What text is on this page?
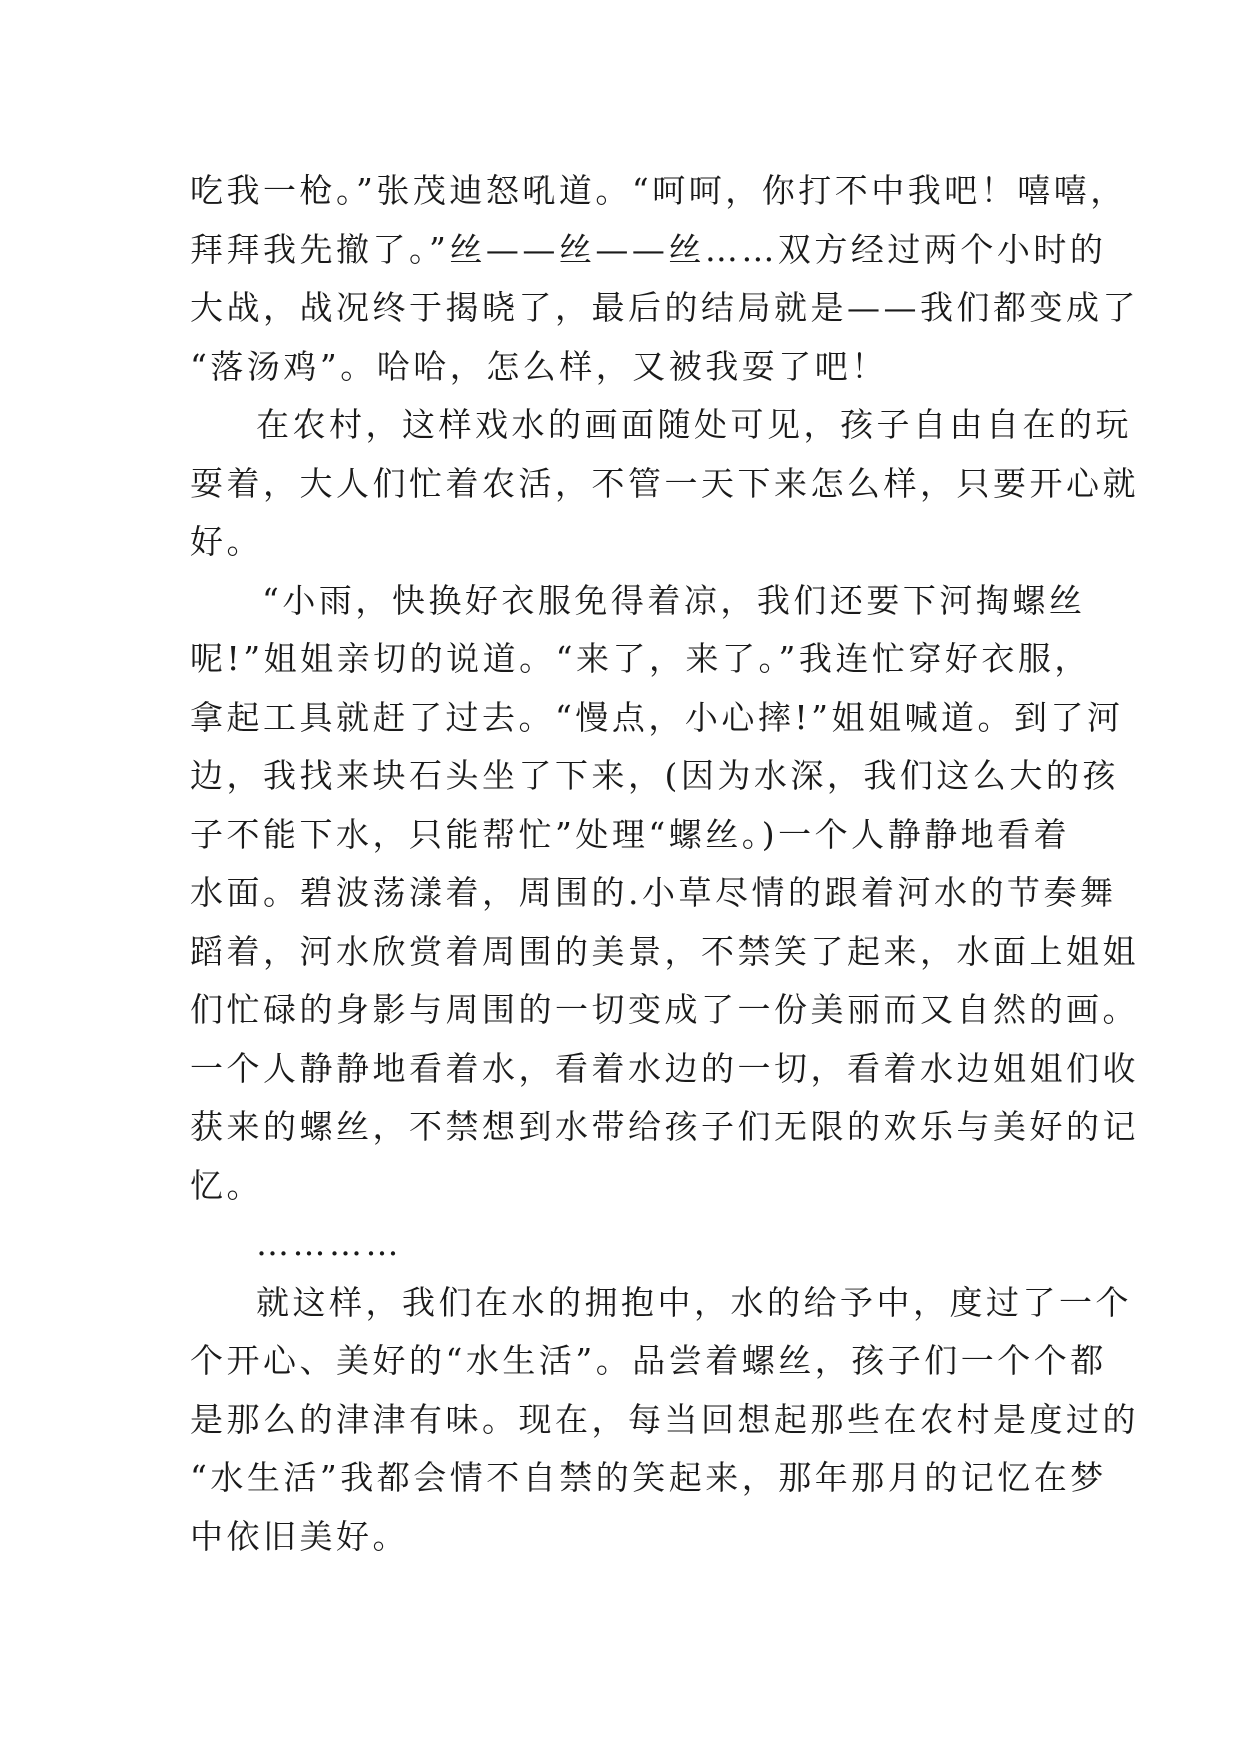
吃我一枪。”张茂迪怒吼道。“呵呵，你打不中我吧！嘻嘻，
拜拜我先撤了。”丝——丝——丝……双方经过两个小时的
大战，战况终于揭晓了，最后的结局就是——我们都变成了
“落汤鸡”。哈哈，怎么样，又被我耍了吧！
在农村，这样戏水的画面随处可见，孩子自由自在的玩
耍着，大人们忙着农活，不管一天下来怎么样，只要开心就
好。
“小雨，快换好衣服免得着凉，我们还要下河掏螺丝
呢!”姐姐亲切的说道。“来了，来了。”我连忙穿好衣服，
拿起工具就赶了过去。“慢点，小心摔!”姐姐喊道。到了河
边，我找来块石头坐了下来，(因为水深，我们这么大的孩
子不能下水，只能帮忙”处理“螺丝。)一个人静静地看着
水面。碧波荡漾着，周围的.小草尽情的跟着河水的节奏舞
蹈着，河水欣赏着周围的美景，不禁笑了起来，水面上姐姐
们忙碌的身影与周围的一切变成了一份美丽而又自然的画。
一个人静静地看着水，看着水边的一切，看着水边姐姐们收
获来的螺丝，不禁想到水带给孩子们无限的欢乐与美好的记
忆。
…………
就这样，我们在水的拥抱中，水的给予中，度过了一个
个开心、美好的“水生活”。品尝着螺丝，孩子们一个个都
是那么的津津有味。现在，每当回想起那些在农村是度过的
“水生活”我都会情不自禁的笑起来，那年那月的记忆在梦
中依旧美好。
